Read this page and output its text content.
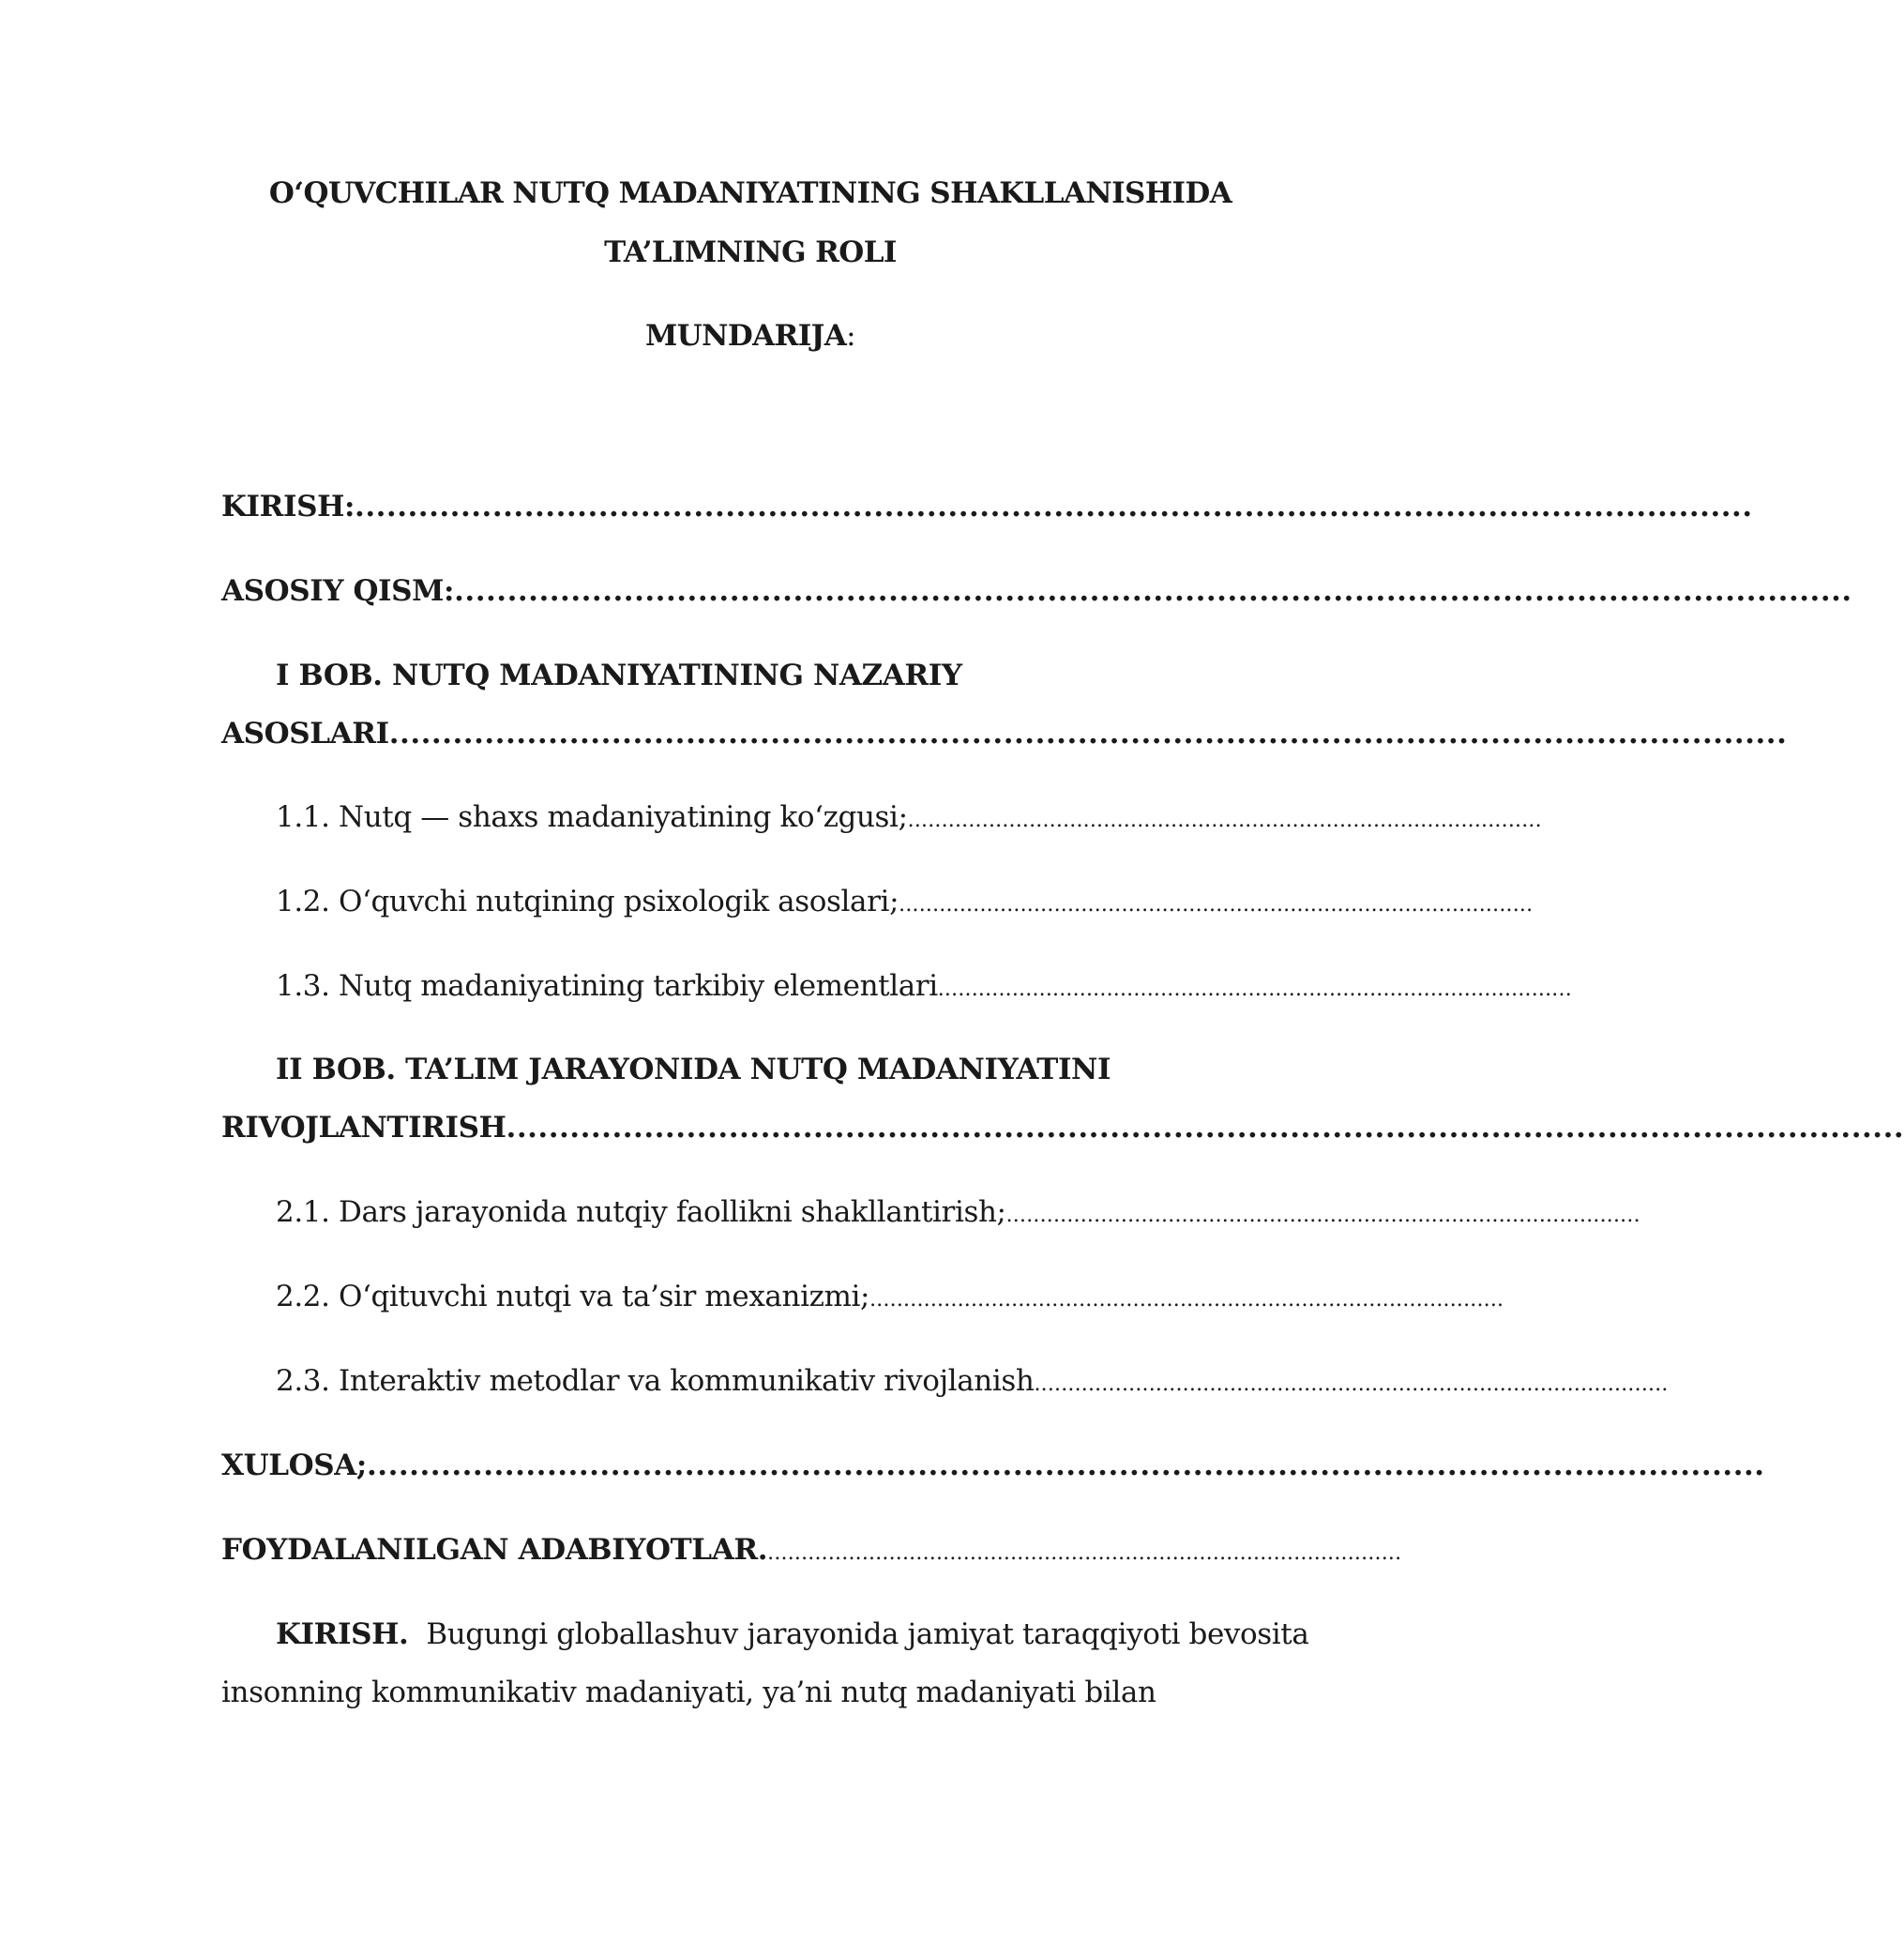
O‘QUVCHILAR NUTQ MADANIYATINING SHAKLLANISHIDA
TA’LIMNING ROLI
MUNDARIJA:
KIRISH:....................................................................................................................................
ASOSIY QISM:....................................................................................................................................
I BOB. NUTQ MADANIYATINING NAZARIY
ASOSLARI....................................................................................................................................
1.1. Nutq — shaxs madaniyatining ko‘zgusi;..............................................................................................
1.2. O‘quvchi nutqining psixologik asoslari;..............................................................................................
1.3. Nutq madaniyatining tarkibiy elementlari..............................................................................................
II BOB. TA’LIM JARAYONIDA NUTQ MADANIYATINI
RIVOJLANTIRISH....................................................................................................................................
2.1. Dars jarayonida nutqiy faollikni shakllantirish;..............................................................................................
2.2. O‘qituvchi nutqi va ta’sir mexanizmi;..............................................................................................
2.3. Interaktiv metodlar va kommunikativ rivojlanish..............................................................................................
XULOSA;....................................................................................................................................
FOYDALANILGAN ADABIYOTLAR...............................................................................................
KIRISH. Bugungi globallashuv jarayonida jamiyat taraqqiyoti bevosita
insonning kommunikativ madaniyati, ya’ni nutq madaniyati bilan
